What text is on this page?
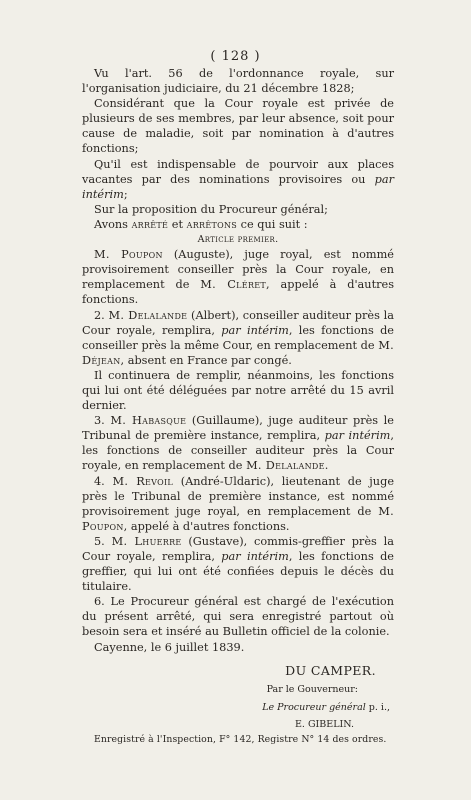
( 128 )

Vu l'art. 56 de l'ordonnance royale, sur l'organisation judiciaire, du 21 décembre 1828;

Considérant que la Cour royale est privée de plusieurs de ses membres, par leur absence, soit pour cause de maladie, soit par nomination à d'autres fonctions;

Qu'il est indispensable de pourvoir aux places vacantes par des nominations provisoires ou par intérim;

Sur la proposition du Procureur général;

Avons arrêté et arrêtons ce qui suit :

Article premier.

M. Poupon (Auguste), juge royal, est nommé provisoirement conseiller près la Cour royale, en remplacement de M. Cléret, appelé à d'autres fonctions.

2. M. Delalande (Albert), conseiller auditeur près la Cour royale, remplira, par intérim, les fonctions de conseiller près la même Cour, en remplacement de M. Déjean, absent en France par congé.

Il continuera de remplir, néanmoins, les fonctions qui lui ont été déléguées par notre arrêté du 15 avril dernier.

3. M. Habasque (Guillaume), juge auditeur près le Tribunal de première instance, remplira, par intérim, les fonctions de conseiller auditeur près la Cour royale, en remplacement de M. Delalande.

4. M. Revoil (André-Uldaric), lieutenant de juge près le Tribunal de première instance, est nommé provisoirement juge royal, en remplacement de M. Poupon, appelé à d'autres fonctions.

5. M. Lhuerre (Gustave), commis-greffier près la Cour royale, remplira, par intérim, les fonctions de greffier, qui lui ont été confiées depuis le décès du titulaire.

6. Le Procureur général est chargé de l'exécution du présent arrêté, qui sera enregistré partout où besoin sera et inséré au Bulletin officiel de la colonie.

Cayenne, le 6 juillet 1839.

DU CAMPER.
Par le Gouverneur:
Le Procureur général p. i.,
E. GIBELIN.

Enregistré à l'Inspection, F° 142, Registre N° 14 des ordres.
